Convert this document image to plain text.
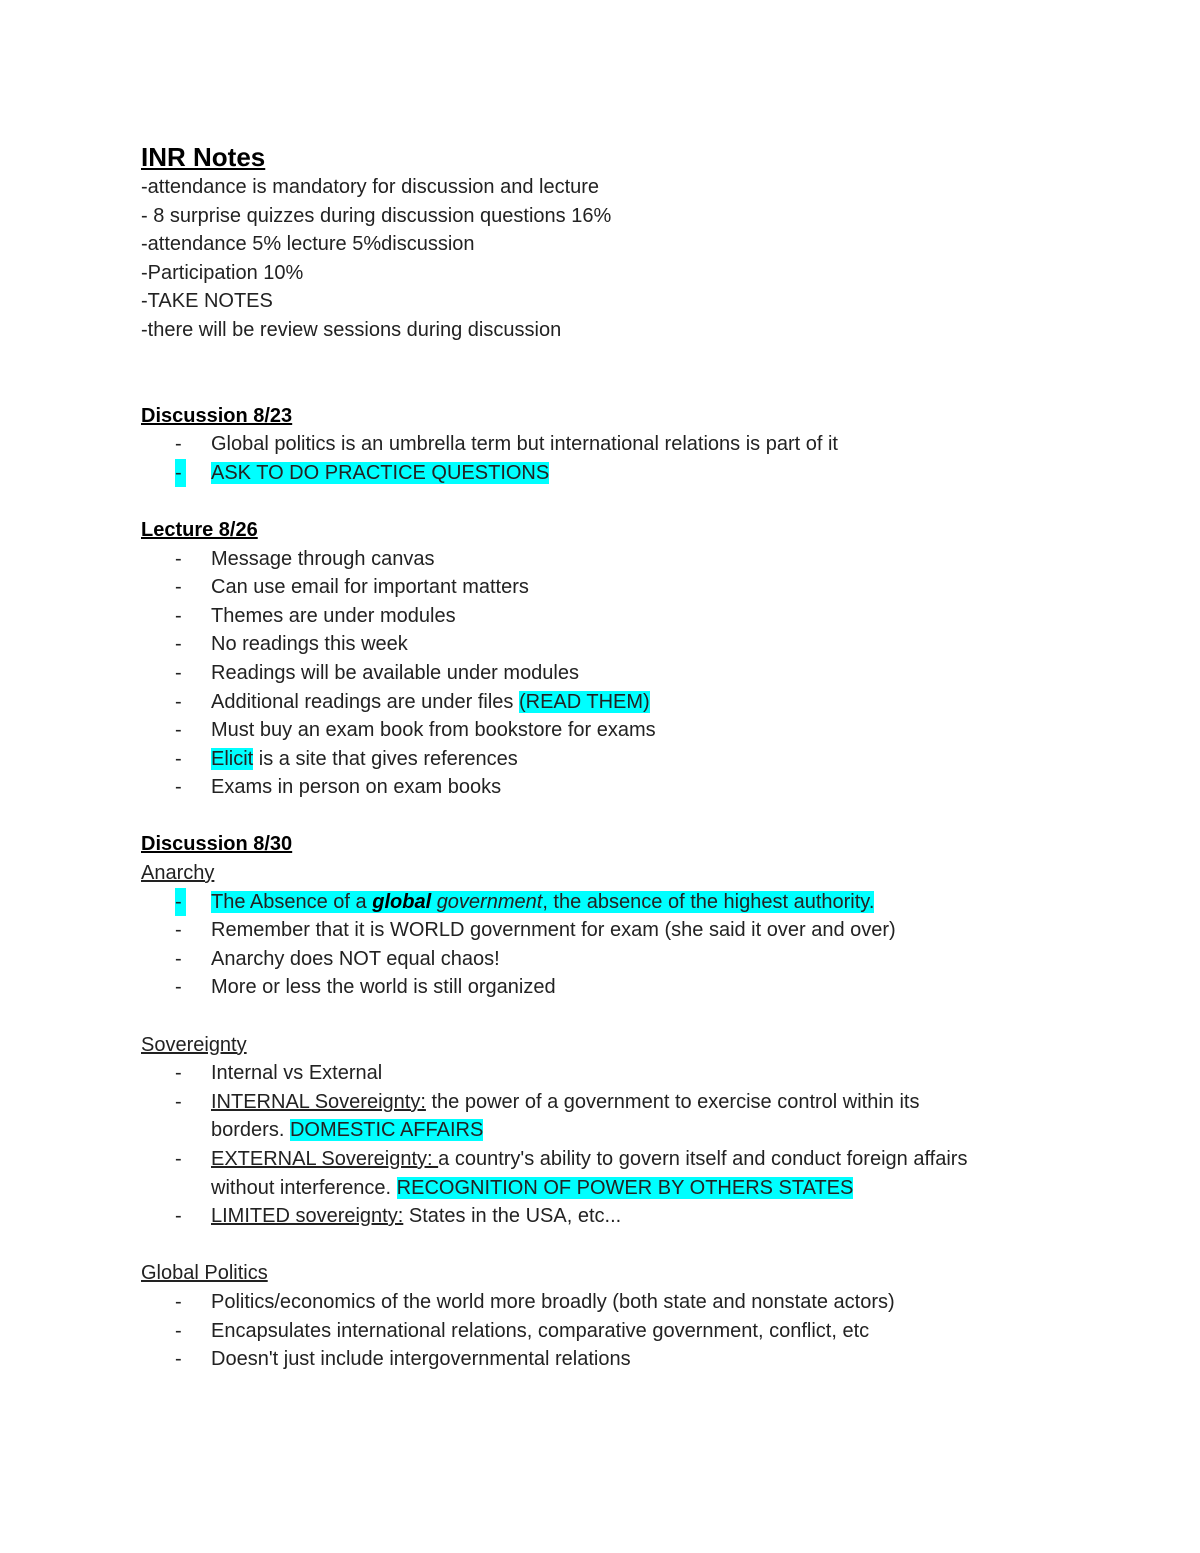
INR Notes
-attendance is mandatory for discussion and lecture
- 8 surprise quizzes during discussion questions 16%
-attendance 5% lecture 5%discussion
-Participation 10%
-TAKE NOTES
-there will be review sessions during discussion
Discussion 8/23
- Global politics is an umbrella term but international relations is part of it
- ASK TO DO PRACTICE QUESTIONS
Lecture 8/26
- Message through canvas
- Can use email for important matters
- Themes are under modules
- No readings this week
- Readings will be available under modules
- Additional readings are under files (READ THEM)
- Must buy an exam book from bookstore for exams
- Elicit is a site that gives references
- Exams in person on exam books
Discussion 8/30
Anarchy
- The Absence of a global government, the absence of the highest authority.
- Remember that it is WORLD government for exam (she said it over and over)
- Anarchy does NOT equal chaos!
- More or less the world is still organized
Sovereignty
- Internal vs External
- INTERNAL Sovereignty: the power of a government to exercise control within its
borders. DOMESTIC AFFAIRS
- EXTERNAL Sovereignty: a country's ability to govern itself and conduct foreign affairs
without interference. RECOGNITION OF POWER BY OTHERS STATES
- LIMITED sovereignty: States in the USA, etc...
Global Politics
- Politics/economics of the world more broadly (both state and nonstate actors)
- Encapsulates international relations, comparative government, conflict, etc
- Doesn't just include intergovernmental relations
